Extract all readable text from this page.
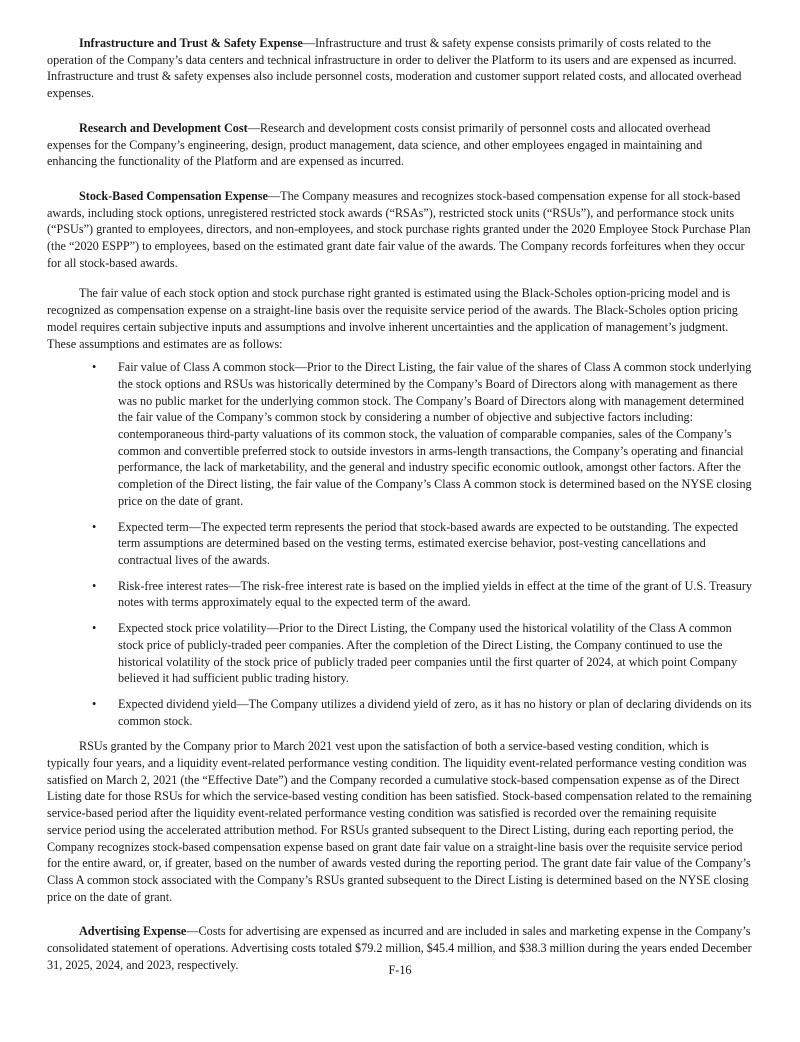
Infrastructure and Trust & Safety Expense—Infrastructure and trust & safety expense consists primarily of costs related to the operation of the Company’s data centers and technical infrastructure in order to deliver the Platform to its users and are expensed as incurred. Infrastructure and trust & safety expenses also include personnel costs, moderation and customer support related costs, and allocated overhead expenses.

Research and Development Cost—Research and development costs consist primarily of personnel costs and allocated overhead expenses for the Company’s engineering, design, product management, data science, and other employees engaged in maintaining and enhancing the functionality of the Platform and are expensed as incurred.

Stock-Based Compensation Expense—The Company measures and recognizes stock-based compensation expense for all stock-based awards, including stock options, unregistered restricted stock awards (“RSAs”), restricted stock units (“RSUs”), and performance stock units (“PSUs”) granted to employees, directors, and non-employees, and stock purchase rights granted under the 2020 Employee Stock Purchase Plan (the “2020 ESPP”) to employees, based on the estimated grant date fair value of the awards. The Company records forfeitures when they occur for all stock-based awards.

The fair value of each stock option and stock purchase right granted is estimated using the Black-Scholes option-pricing model and is recognized as compensation expense on a straight-line basis over the requisite service period of the awards. The Black-Scholes option pricing model requires certain subjective inputs and assumptions and involve inherent uncertainties and the application of management’s judgment. These assumptions and estimates are as follows:

• Fair value of Class A common stock—Prior to the Direct Listing, the fair value of the shares of Class A common stock underlying the stock options and RSUs was historically determined by the Company’s Board of Directors along with management as there was no public market for the underlying common stock. The Company’s Board of Directors along with management determined the fair value of the Company’s common stock by considering a number of objective and subjective factors including: contemporaneous third-party valuations of its common stock, the valuation of comparable companies, sales of the Company’s common and convertible preferred stock to outside investors in arms-length transactions, the Company’s operating and financial performance, the lack of marketability, and the general and industry specific economic outlook, amongst other factors. After the completion of the Direct listing, the fair value of the Company’s Class A common stock is determined based on the NYSE closing price on the date of grant.
• Expected term—The expected term represents the period that stock-based awards are expected to be outstanding. The expected term assumptions are determined based on the vesting terms, estimated exercise behavior, post-vesting cancellations and contractual lives of the awards.
• Risk-free interest rates—The risk-free interest rate is based on the implied yields in effect at the time of the grant of U.S. Treasury notes with terms approximately equal to the expected term of the award.
• Expected stock price volatility—Prior to the Direct Listing, the Company used the historical volatility of the Class A common stock price of publicly-traded peer companies. After the completion of the Direct Listing, the Company continued to use the historical volatility of the stock price of publicly traded peer companies until the first quarter of 2024, at which point Company believed it had sufficient public trading history.
• Expected dividend yield—The Company utilizes a dividend yield of zero, as it has no history or plan of declaring dividends on its common stock.

RSUs granted by the Company prior to March 2021 vest upon the satisfaction of both a service-based vesting condition, which is typically four years, and a liquidity event-related performance vesting condition. The liquidity event-related performance vesting condition was satisfied on March 2, 2021 (the “Effective Date”) and the Company recorded a cumulative stock-based compensation expense as of the Direct Listing date for those RSUs for which the service-based vesting condition has been satisfied. Stock-based compensation related to the remaining service-based period after the liquidity event-related performance vesting condition was satisfied is recorded over the remaining requisite service period using the accelerated attribution method. For RSUs granted subsequent to the Direct Listing, during each reporting period, the Company recognizes stock-based compensation expense based on grant date fair value on a straight-line basis over the requisite service period for the entire award, or, if greater, based on the number of awards vested during the reporting period. The grant date fair value of the Company’s Class A common stock associated with the Company’s RSUs granted subsequent to the Direct Listing is determined based on the NYSE closing price on the date of grant.

Advertising Expense—Costs for advertising are expensed as incurred and are included in sales and marketing expense in the Company’s consolidated statement of operations. Advertising costs totaled $79.2 million, $45.4 million, and $38.3 million during the years ended December 31, 2025, 2024, and 2023, respectively.	F-16
